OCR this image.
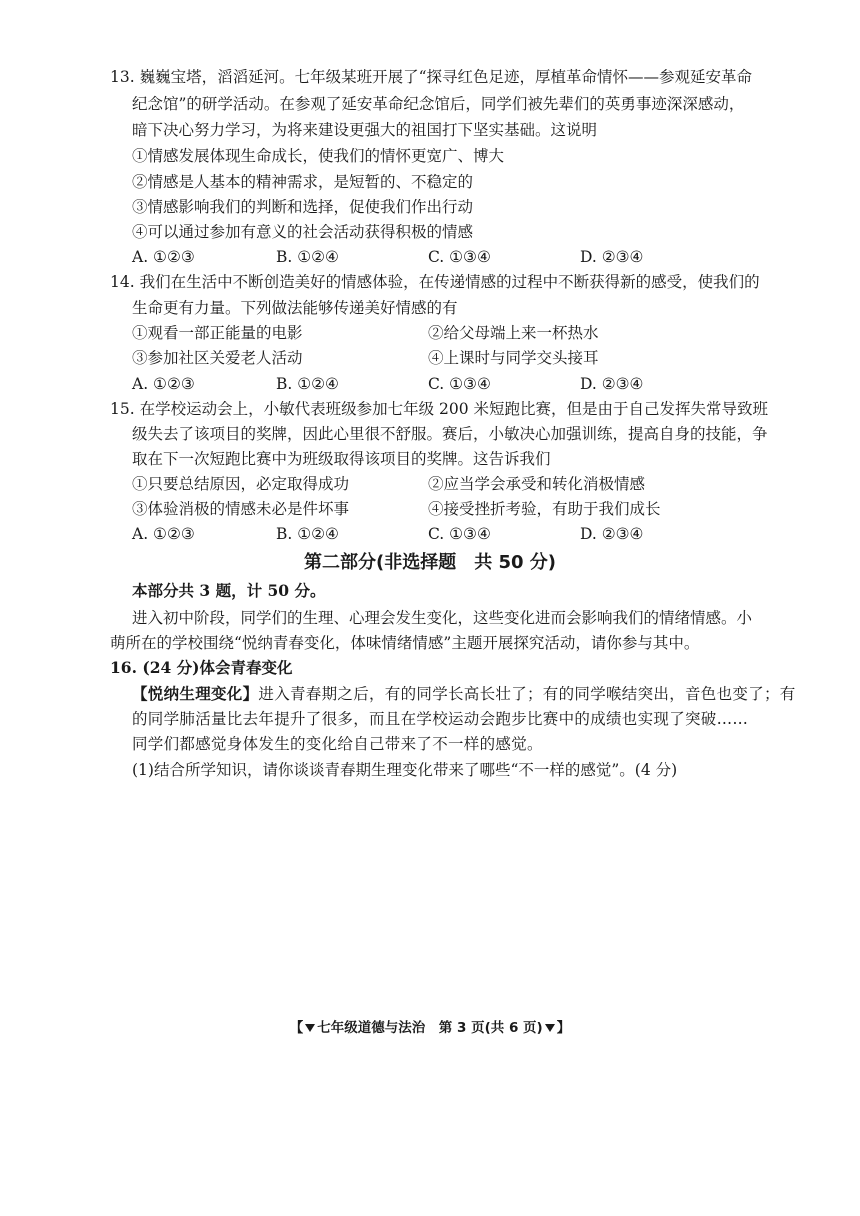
13. 巍巍宝塔，滔滔延河。七年级某班开展了“探寻红色足迹，厚植革命情怀——参观延安革命
纪念馆”的研学活动。在参观了延安革命纪念馆后，同学们被先辈们的英勇事迹深深感动，
暗下决心努力学习，为将来建设更强大的祖国打下坚实基础。这说明
①情感发展体现生命成长，使我们的情怀更宽广、博大
②情感是人基本的精神需求，是短暂的、不稳定的
③情感影响我们的判断和选择，促使我们作出行动
④可以通过参加有意义的社会活动获得积极的情感
A. ①②③	B. ①②④	C. ①③④	D. ②③④
14. 我们在生活中不断创造美好的情感体验，在传递情感的过程中不断获得新的感受，使我们的
生命更有力量。下列做法能够传递美好情感的有
①观看一部正能量的电影	②给父母端上来一杯热水
③参加社区关爱老人活动	④上课时与同学交头接耳
A. ①②③	B. ①②④	C. ①③④	D. ②③④
15. 在学校运动会上，小敏代表班级参加七年级 200 米短跑比赛，但是由于自己发挥失常导致班
级失去了该项目的奖牌，因此心里很不舒服。赛后，小敏决心加强训练，提高自身的技能，争
取在下一次短跑比赛中为班级取得该项目的奖牌。这告诉我们
①只要总结原因，必定取得成功	②应当学会承受和转化消极情感
③体验消极的情感未必是件坏事	④接受挫折考验，有助于我们成长
A. ①②③	B. ①②④	C. ①③④	D. ②③④
第二部分(非选择题　共 50 分)
本部分共 3 题，计 50 分。
进入初中阶段，同学们的生理、心理会发生变化，这些变化进而会影响我们的情绪情感。小
萌所在的学校围绕“悦纳青春变化，体味情绪情感”主题开展探究活动，请你参与其中。
16. (24 分)体会青春变化
【悦纳生理变化】进入青春期之后，有的同学长高长壮了；有的同学喉结突出，音色也变了；有
的同学肺活量比去年提升了很多，而且在学校运动会跑步比赛中的成绩也实现了突破……
同学们都感觉身体发生的变化给自己带来了不一样的感觉。
(1)结合所学知识，请你谈谈青春期生理变化带来了哪些“不一样的感觉”。(4 分)
【 七年级道德与法治　第 3 页(共 6 页) 】
